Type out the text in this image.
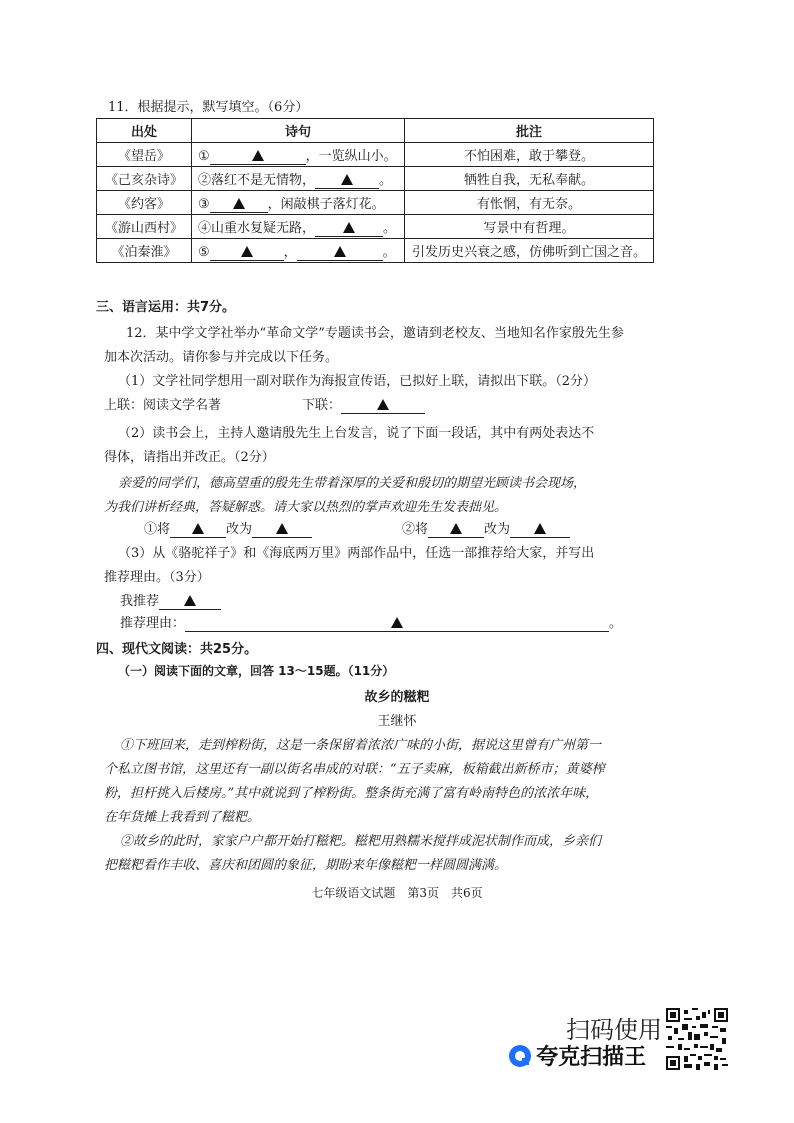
11．根据提示，默写填空。（6分）
出处	诗句	批注
《望岳》	① ，一览纵山小。	不怕困难，敢于攀登。
《己亥杂诗》	②落红不是无情物， 。	牺牲自我，无私奉献。
《约客》	③ ，闲敲棋子落灯花。	有怅惘，有无奈。
《游山西村》	④山重水复疑无路， 。	写景中有哲理。
《泊秦淮》	⑤ ， 。	引发历史兴衰之感，仿佛听到亡国之音。
三、语言运用：共7分。
12．某中学文学社举办“革命文学”专题读书会，邀请到老校友、当地知名作家殷先生参
加本次活动。请你参与并完成以下任务。
（1）文学社同学想用一副对联作为海报宣传语，已拟好上联，请拟出下联。（2分）
上联：阅读文学名著	下联：
（2）读书会上，主持人邀请殷先生上台发言，说了下面一段话，其中有两处表达不
得体，请指出并改正。（2分）
亲爱的同学们，德高望重的殷先生带着深厚的关爱和殷切的期望光顾读书会现场，
为我们讲析经典，答疑解惑。请大家以热烈的掌声欢迎先生发表拙见。
①将	改为	②将	改为
（3）从《骆驼祥子》和《海底两万里》两部作品中，任选一部推荐给大家，并写出
推荐理由。（3分）
我推荐
推荐理由：	。
四、现代文阅读：共25分。
（一）阅读下面的文章，回答 13～15题。（11分）
故乡的糍粑
王继怀
①下班回来，走到榨粉街，这是一条保留着浓浓广味的小街，据说这里曾有广州第一
个私立图书馆，这里还有一副以街名串成的对联：“五子卖麻，板箱截出新桥市；黄婆榨
粉，担杆挑入后楼房。”其中就说到了榨粉街。整条街充满了富有岭南特色的浓浓年味，
在年货摊上我看到了糍粑。
②故乡的此时，家家户户都开始打糍粑。糍粑用熟糯米搅拌成泥状制作而成，乡亲们
把糍粑看作丰收、喜庆和团圆的象征，期盼来年像糍粑一样圆圆满满。
七年级语文试题　第3页　共6页
扫码使用
夸克扫描王
